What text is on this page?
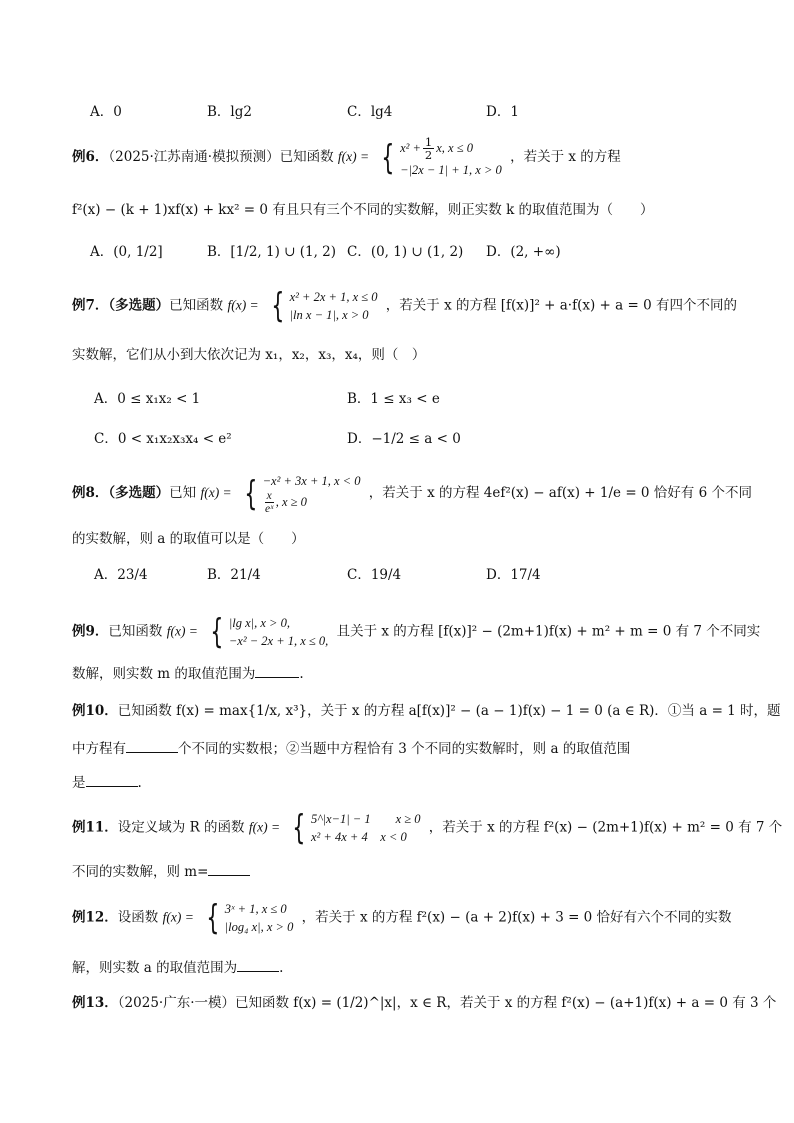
A．0	B．lg2	C．lg4	D．1
例6．（2025·江苏南通·模拟预测）已知函数 f(x) = { $x^2 + \frac{1}{2} x$, x ≤ 0
−|2x − 1| + 1, x > 0
，若关于 x 的方程
f²(x) − (k + 1)xf(x) + kx² = 0 有且只有三个不同的实数解，则正实数 k 的取值范围为（　　）
A．(0, 1/2]	B．[1/2, 1) ∪ (1, 2) C．(0, 1) ∪ (1, 2) D．(2, +∞)
例7．（多选题）已知函数 f(x) = { x² + 2x + 1, x ≤ 0
|ln x − 1|, x > 0
，若关于 x 的方程 [f(x)]² + a·f(x) + a = 0 有四个不同的
实数解，它们从小到大依次记为 x₁，x₂，x₃，x₄，则（　）
A．0 ≤ x₁x₂ < 1	B．1 ≤ x₃ < e
C．0 < x₁x₂x₃x₄ < e²	D．−1/2 ≤ a < 0
例8．（多选题）已知 f(x) = { −x² + 3x + 1, x < 0
$\frac{x}{\text{eˣ}}$ , x ≥ 0
，若关于 x 的方程 4ef²(x) − af(x) + 1/e = 0 恰好有 6 个不同
的实数解，则 a 的取值可以是（　　）
A．23/4	B．21/4	C．19/4	D．17/4
例9．已知函数 f(x) = { |lg x|, x > 0,
−x² − 2x + 1, x ≤ 0,
且关于 x 的方程 [f(x)]² − (2m+1)f(x) + m² + m = 0 有 7 个不同实
数解，则实数 m 的取值范围为	.
例10．已知函数 f(x) = max{1/x, x³}，关于 x 的方程 a[f(x)]² − (a − 1)f(x) − 1 = 0 (a ∈ R)．①当 a = 1 时，题
中方程有	个不同的实数根；②当题中方程恰有 3 个不同的实数解时，则 a 的取值范围
是	.
例11．设定义域为 R 的函数 f(x) = { 5^|x−1| − 1　　x ≥ 0
x² + 4x + 4　x < 0
，若关于 x 的方程 f²(x) − (2m+1)f(x) + m² = 0 有 7 个
不同的实数解，则 m=
例12．设函数 f(x) = { 3ˣ + 1, x ≤ 0
|log₄ x|, x > 0
，若关于 x 的方程 f²(x) − (a + 2)f(x) + 3 = 0 恰好有六个不同的实数
解，则实数 a 的取值范围为	.
例13．（2025·广东·一模）已知函数 f(x) = (1/2)^|x|，x ∈ R，若关于 x 的方程 f²(x) − (a+1)f(x) + a = 0 有 3 个
